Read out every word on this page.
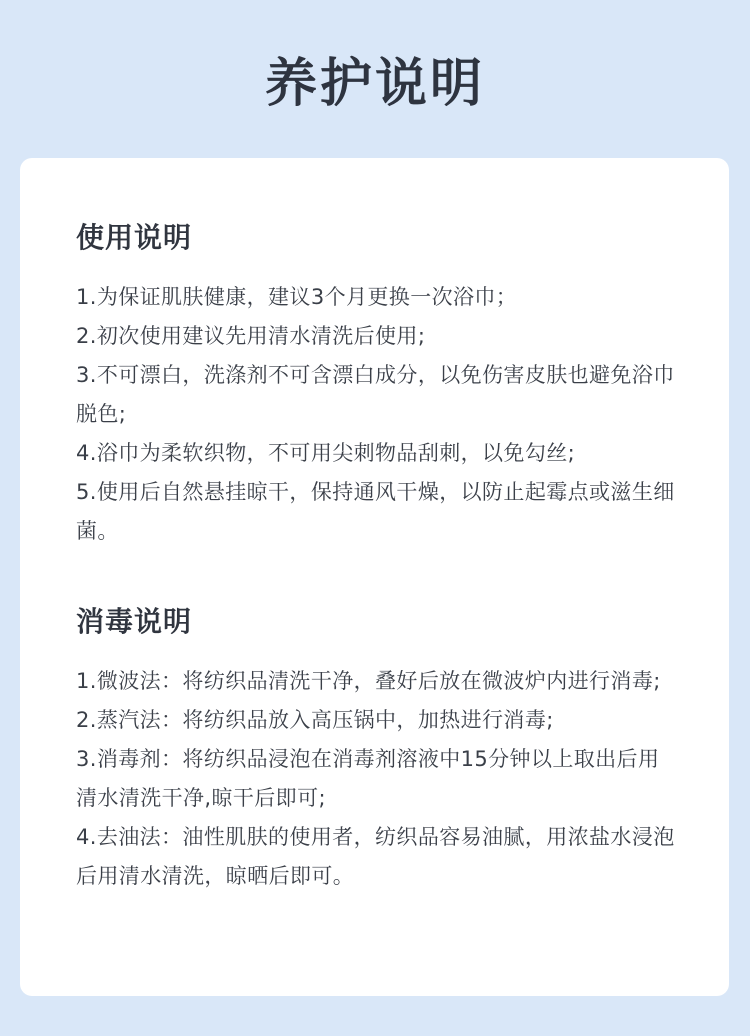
养护说明
使用说明
1.为保证肌肤健康，建议3个月更换一次浴巾；
2.初次使用建议先用清水清洗后使用;
3.不可漂白，洗涤剂不可含漂白成分，以免伤害皮肤也避免浴巾脱色;
4.浴巾为柔软织物，不可用尖刺物品刮刺，以免勾丝;
5.使用后自然悬挂晾干，保持通风干燥，以防止起霉点或滋生细菌。
消毒说明
1.微波法：将纺织品清洗干净，叠好后放在微波炉内进行消毒;
2.蒸汽法：将纺织品放入高压锅中，加热进行消毒;
3.消毒剂：将纺织品浸泡在消毒剂溶液中15分钟以上取出后用清水清洗干净,晾干后即可;
4.去油法：油性肌肤的使用者，纺织品容易油腻，用浓盐水浸泡后用清水清洗，晾晒后即可。
